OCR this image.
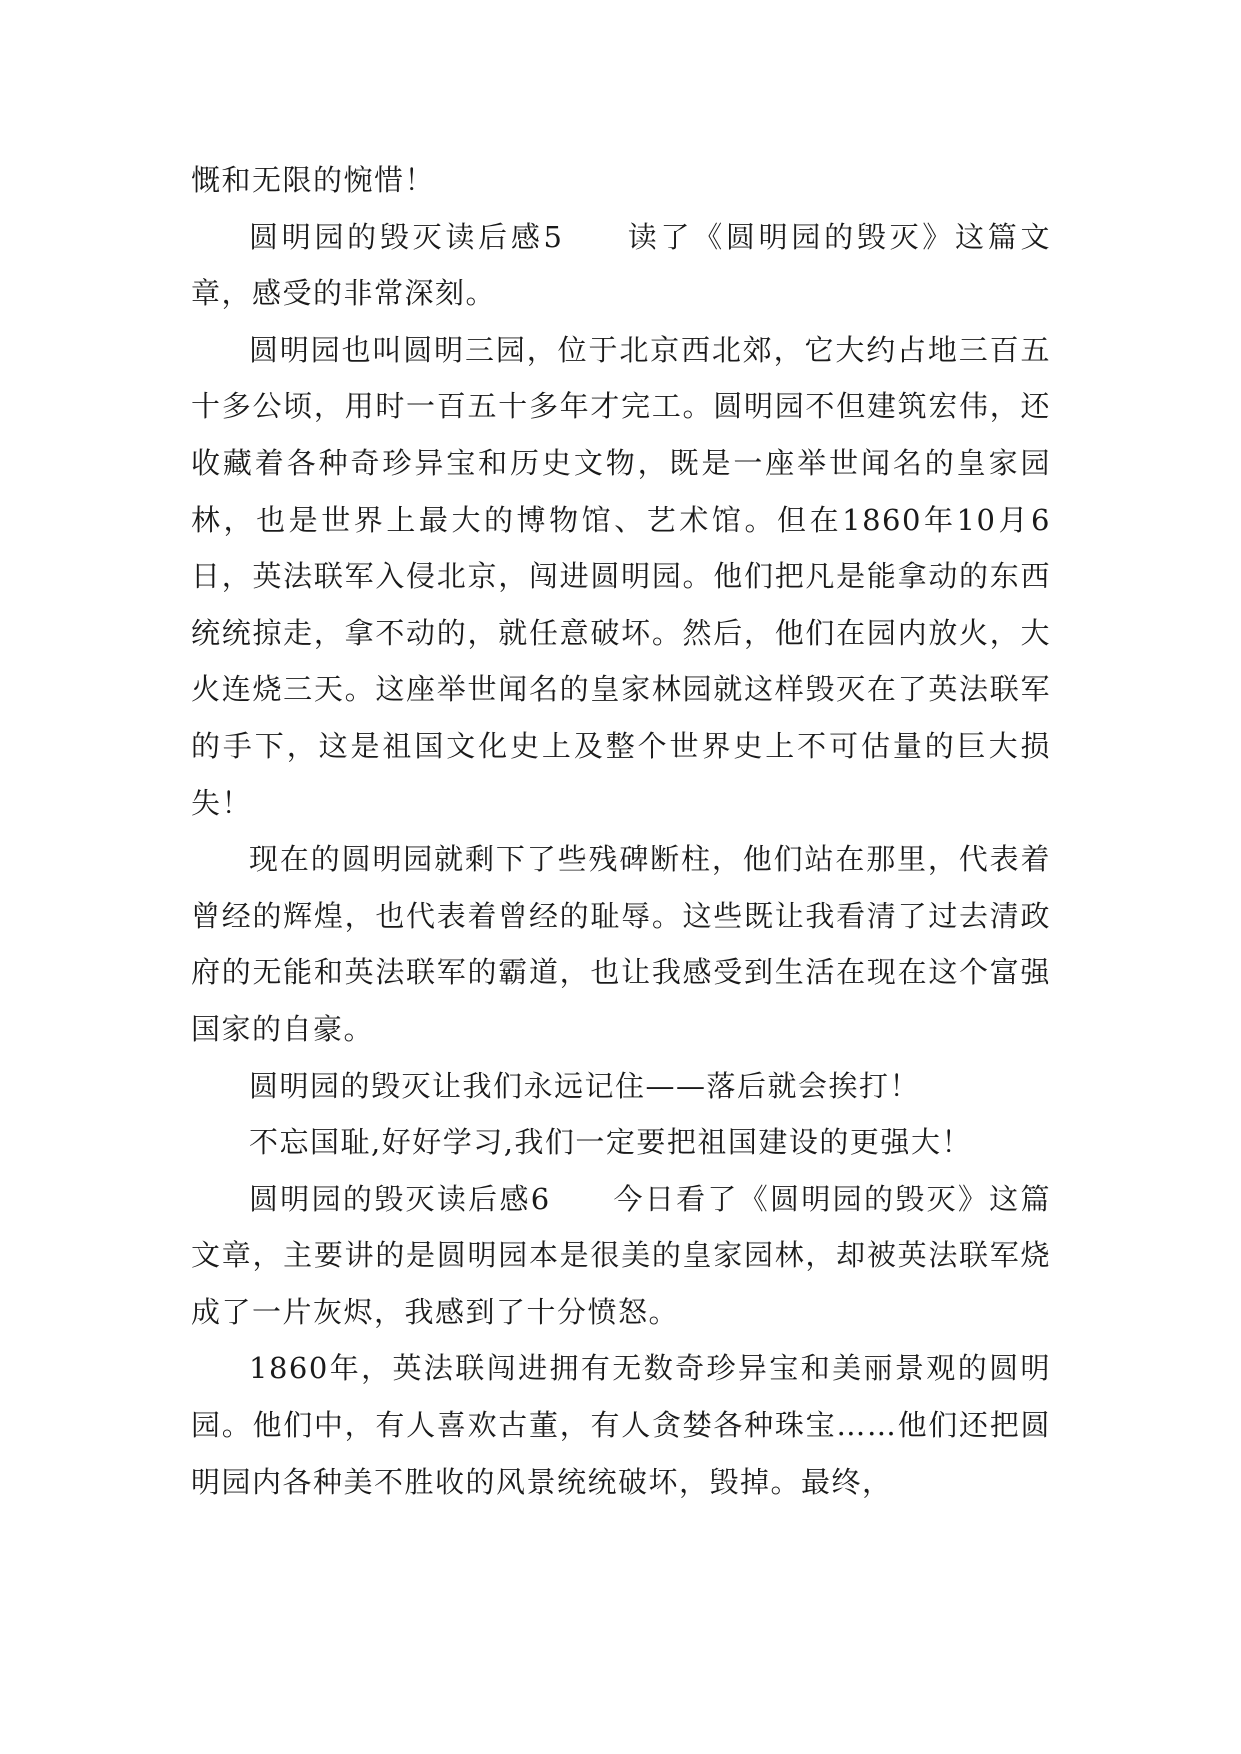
慨和无限的惋惜！

圆明园的毁灭读后感5 读了《圆明园的毁灭》这篇文章，感受的非常深刻。

圆明园也叫圆明三园，位于北京西北郊，它大约占地三百五十多公顷，用时一百五十多年才完工。圆明园不但建筑宏伟，还收藏着各种奇珍异宝和历史文物，既是一座举世闻名的皇家园林，也是世界上最大的博物馆、艺术馆。但在1860年10月6日，英法联军入侵北京，闯进圆明园。他们把凡是能拿动的东西统统掠走，拿不动的，就任意破坏。然后，他们在园内放火，大火连烧三天。这座举世闻名的皇家林园就这样毁灭在了英法联军的手下，这是祖国文化史上及整个世界史上不可估量的巨大损失！

现在的圆明园就剩下了些残碑断柱，他们站在那里，代表着曾经的辉煌，也代表着曾经的耻辱。这些既让我看清了过去清政府的无能和英法联军的霸道，也让我感受到生活在现在这个富强国家的自豪。

圆明园的毁灭让我们永远记住——落后就会挨打！

不忘国耻,好好学习,我们一定要把祖国建设的更强大！

圆明园的毁灭读后感6 今日看了《圆明园的毁灭》这篇文章，主要讲的是圆明园本是很美的皇家园林，却被英法联军烧成了一片灰烬，我感到了十分愤怒。

1860年，英法联闯进拥有无数奇珍异宝和美丽景观的圆明园。他们中，有人喜欢古董，有人贪婪各种珠宝……他们还把圆明园内各种美不胜收的风景统统破坏，毁掉。最终，
